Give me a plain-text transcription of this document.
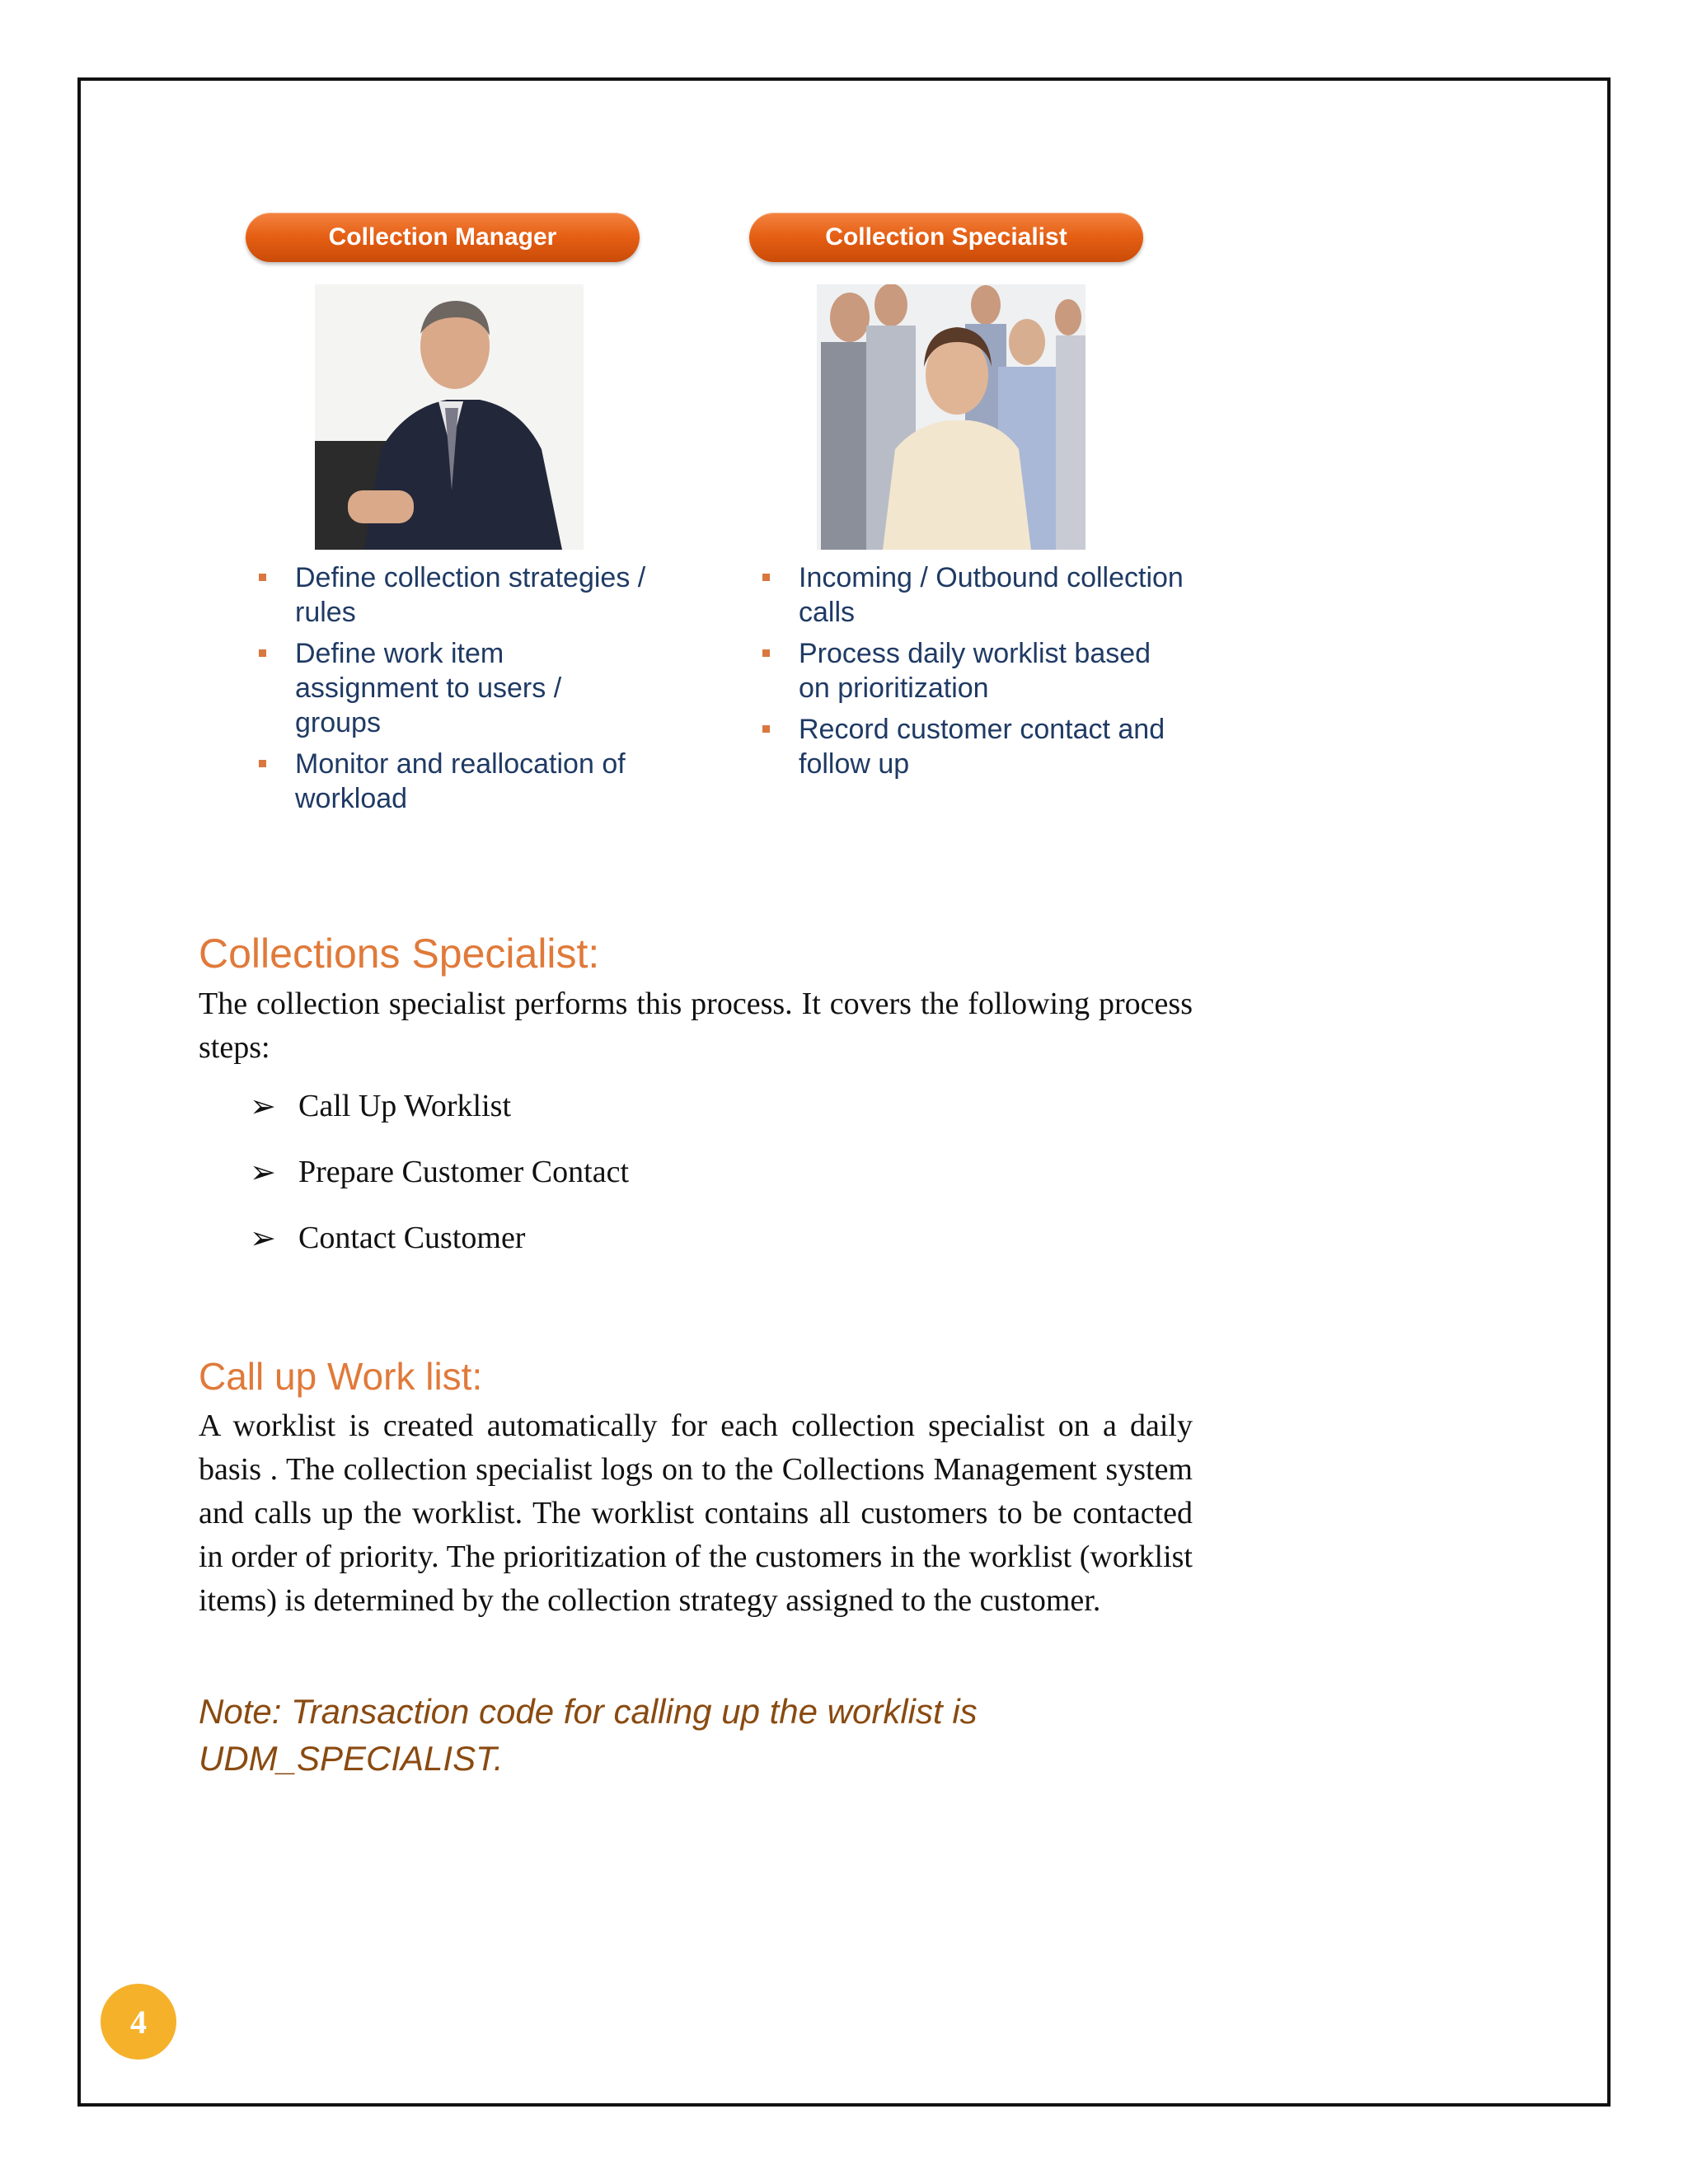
Collection Manager	Collection Specialist
Define collection strategies / rules
Define work item assignment to users / groups
Monitor and reallocation of workload
Incoming / Outbound collection calls
Process daily worklist based on prioritization
Record customer contact and follow up
Collections Specialist:

The collection specialist performs this process. It covers the following process steps:

➢ Call Up Worklist
➢ Prepare Customer Contact
➢ Contact Customer
Call up Work list:

A worklist is created automatically for each collection specialist on a daily basis . The collection specialist logs on to the Collections Management system and calls up the worklist. The worklist contains all customers to be contacted in order of priority. The prioritization of the customers in the worklist (worklist items) is determined by the collection strategy assigned to the customer.

Note: Transaction code for calling up the worklist is UDM_SPECIALIST.

4
